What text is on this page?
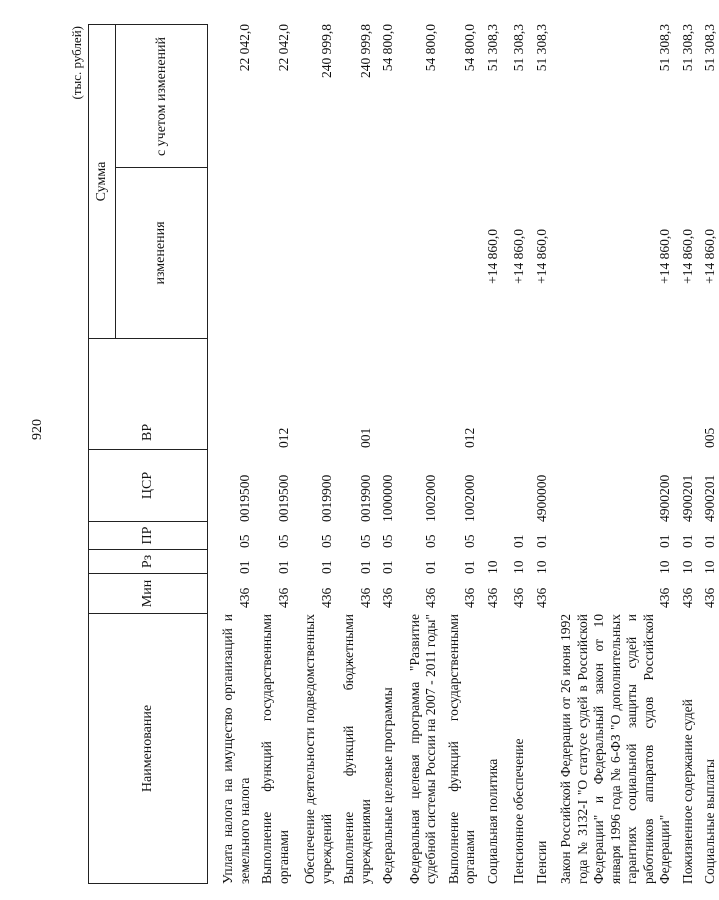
920
(тыс. рублей)
Наименование
Мин
Рз
ПР
ЦСР
ВР
Сумма
изменения
с учетом изменений
Уплата налога на имущество организаций и земельного налога
436
01
05
0019500
22 042,0
Выполнение функций государственными органами
436
01
05
0019500
012
22 042,0
Обеспечение деятельности подведомственных учреждений
436
01
05
0019900
240 999,8
Выполнение функций бюджетными учреждениями
436
01
05
0019900
001
240 999,8
Федеральные целевые программы
436
01
05
1000000
54 800,0
Федеральная целевая программа "Развитие судебной системы России на 2007 - 2011 годы"
436
01
05
1002000
54 800,0
Выполнение функций государственными органами
436
01
05
1002000
012
54 800,0
Социальная политика
436
10
+14 860,0
51 308,3
Пенсионное обеспечение
436
10
01
+14 860,0
51 308,3
Пенсии
436
10
01
4900000
+14 860,0
51 308,3
Закон Российской Федерации от 26 июня 1992 года № 3132-I "О статусе судей в Российской Федерации" и Федеральный закон от 10 января 1996 года № 6-ФЗ "О дополнительных гарантиях социальной защиты судей и работников аппаратов судов Российской Федерации"
436
10
01
4900200
+14 860,0
51 308,3
Пожизненное содержание судей
436
10
01
4900201
+14 860,0
51 308,3
Социальные выплаты
436
10
01
4900201
005
+14 860,0
51 308,3
